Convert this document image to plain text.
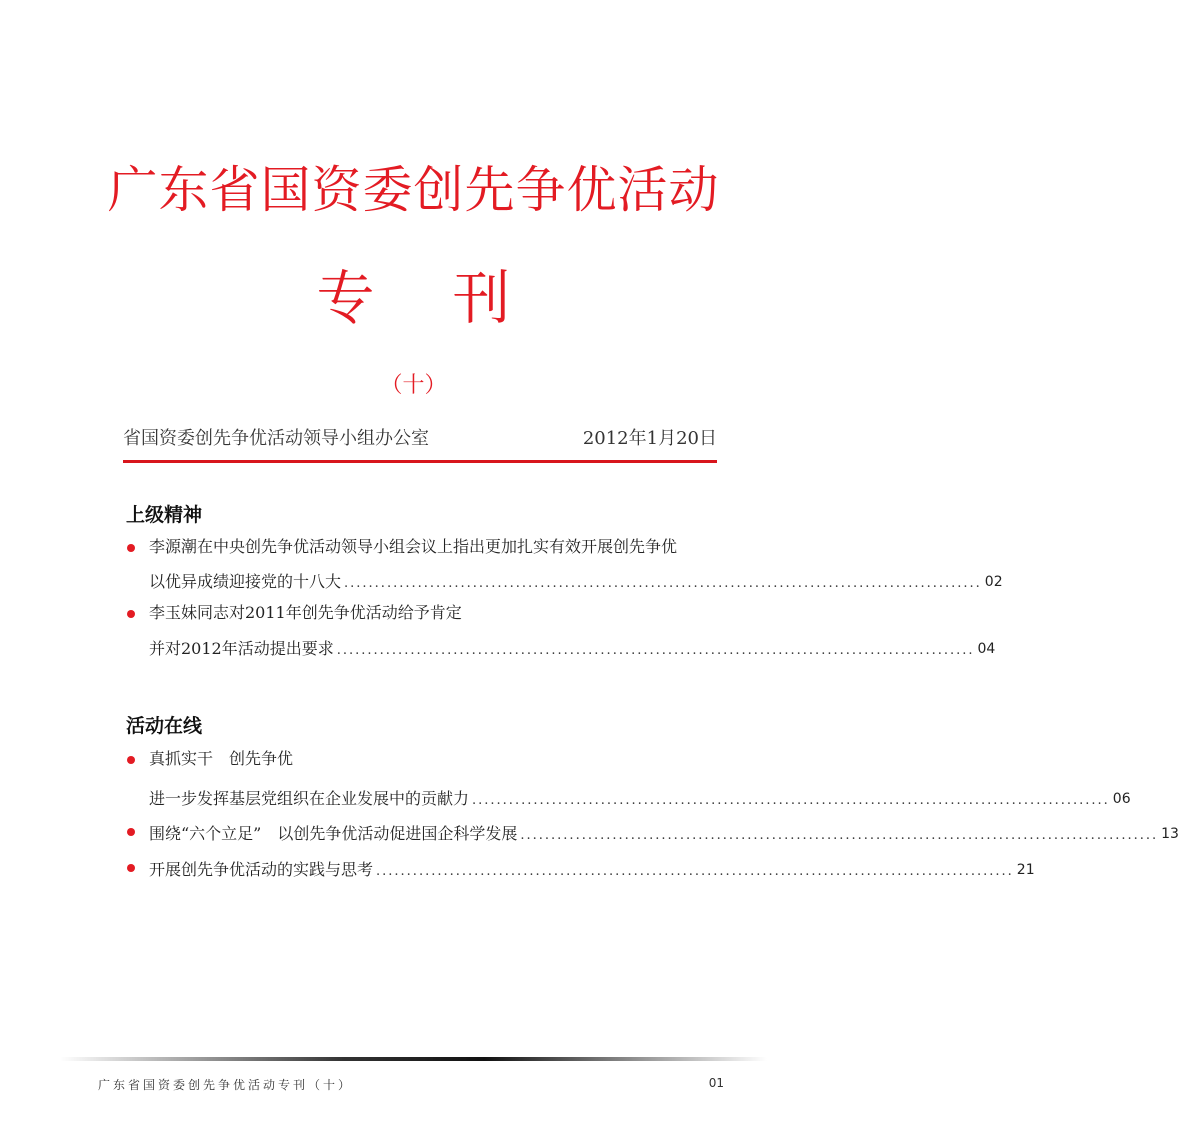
广东省国资委创先争优活动
专刊
（十）
省国资委创先争优活动领导小组办公室	2012年1月20日
上级精神
李源潮在中央创先争优活动领导小组会议上指出更加扎实有效开展创先争优
以优异成绩迎接党的十八大 ........................................................................................................ 02
李玉妹同志对2011年创先争优活动给予肯定
并对2012年活动提出要求 ........................................................................................................ 04
活动在线
真抓实干　创先争优
进一步发挥基层党组织在企业发展中的贡献力 ........................................................................................................ 06
围绕“六个立足”　以创先争优活动促进国企科学发展 ........................................................................................................ 13
开展创先争优活动的实践与思考 ........................................................................................................ 21
广东省国资委创先争优活动专刊（十）	01
